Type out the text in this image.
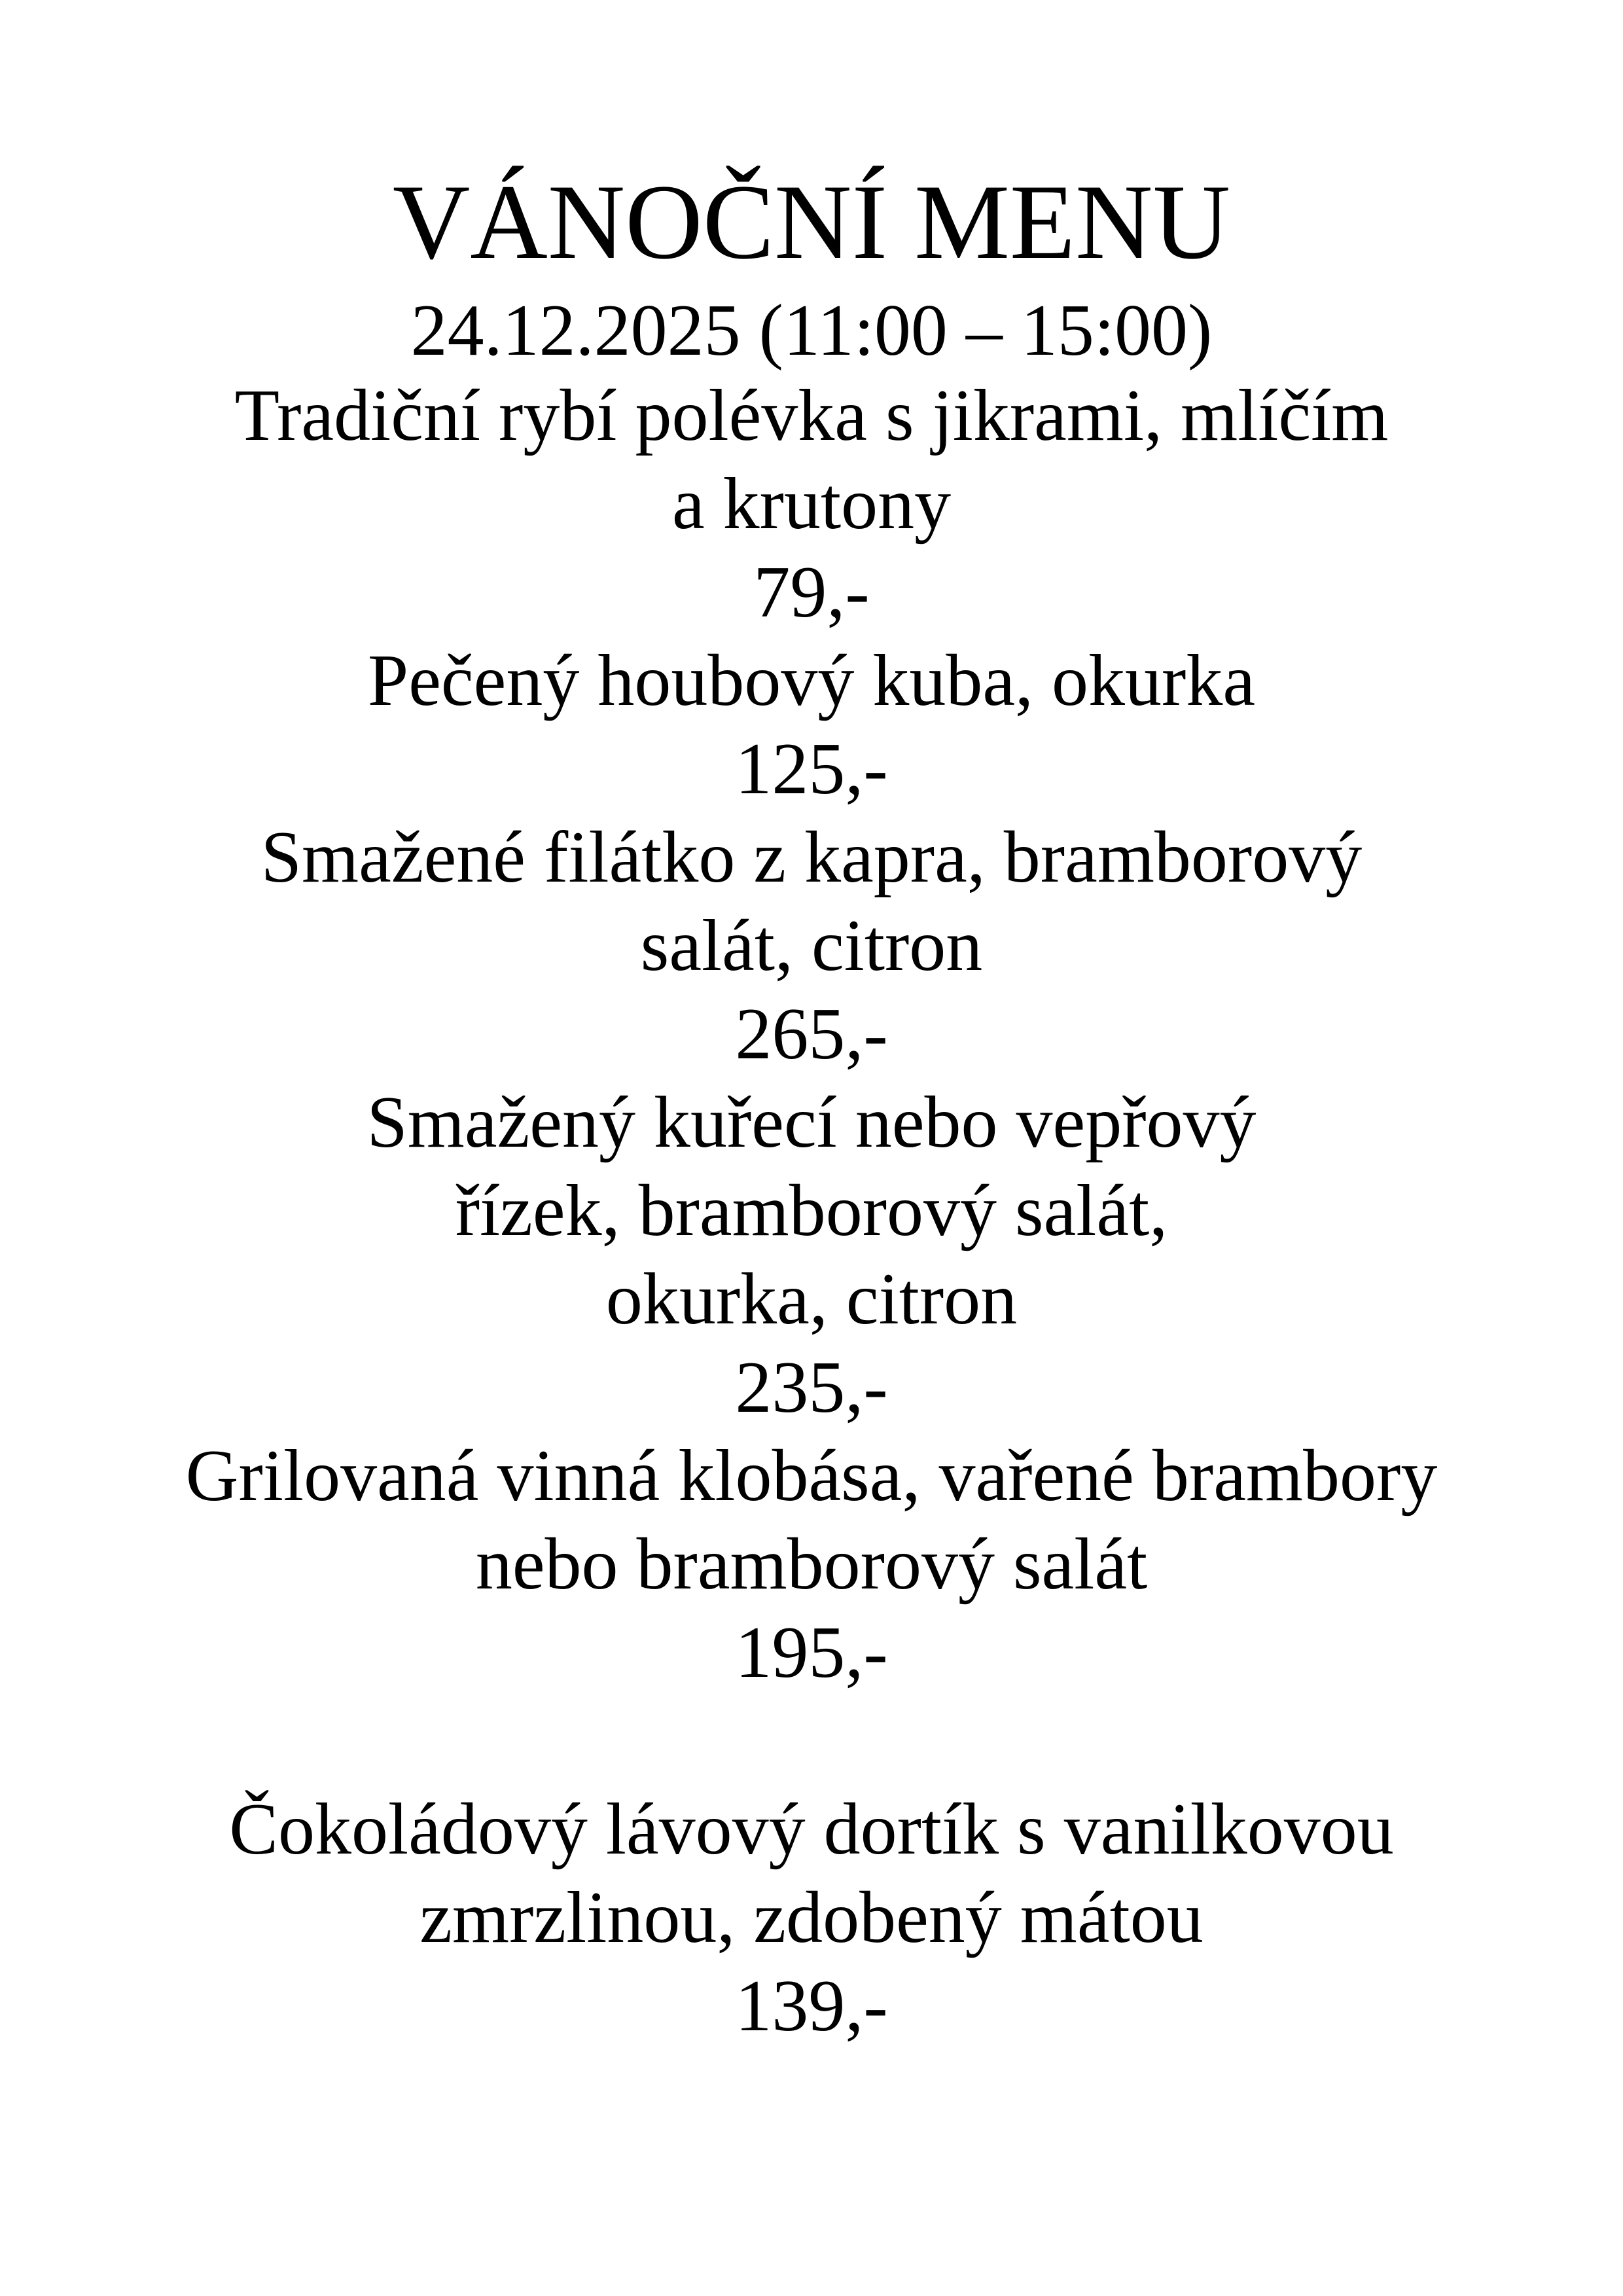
VÁNOČNÍ MENU
24.12.2025 (11:00 – 15:00)
Tradiční rybí polévka s jikrami, mlíčím
a krutony
79,-
Pečený houbový kuba, okurka
125,-
Smažené filátko z kapra, bramborový
salát, citron
265,-
Smažený kuřecí nebo vepřový
řízek, bramborový salát,
okurka, citron
235,-
Grilovaná vinná klobása, vařené brambory
nebo bramborový salát
195,-
Čokoládový lávový dortík s vanilkovou
zmrzlinou, zdobený mátou
139,-
